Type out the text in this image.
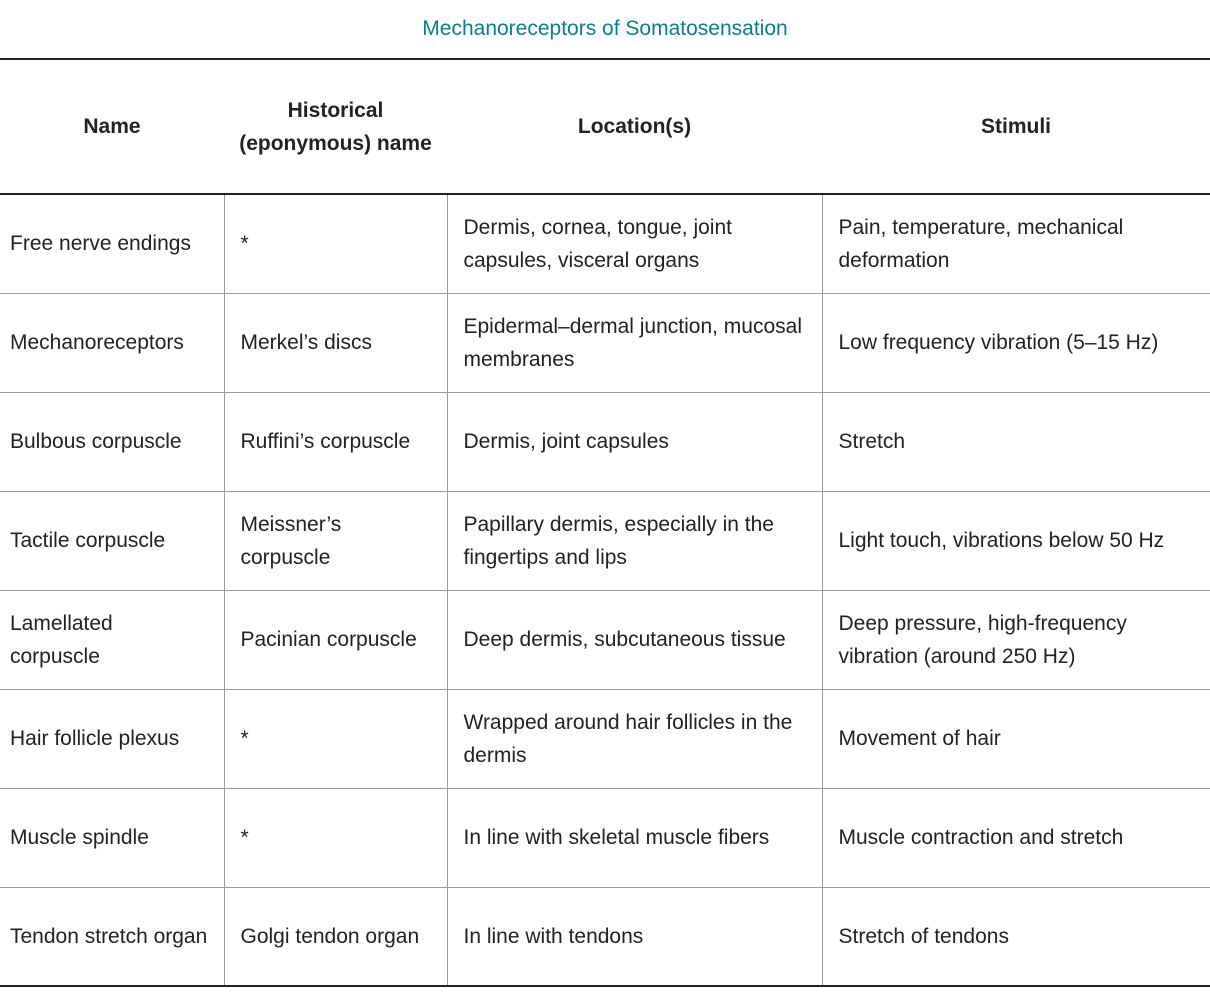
Mechanoreceptors of Somatosensation
Name	Historical (eponymous) name	Location(s)	Stimuli
Free nerve endings	*	Dermis, cornea, tongue, joint capsules, visceral organs	Pain, temperature, mechanical deformation
Mechanoreceptors	Merkel’s discs	Epidermal–dermal junction, mucosal membranes	Low frequency vibration (5–15 Hz)
Bulbous corpuscle	Ruffini’s corpuscle	Dermis, joint capsules	Stretch
Tactile corpuscle	Meissner’s corpuscle	Papillary dermis, especially in the fingertips and lips	Light touch, vibrations below 50 Hz
Lamellated corpuscle	Pacinian corpuscle	Deep dermis, subcutaneous tissue	Deep pressure, high-frequency vibration (around 250 Hz)
Hair follicle plexus	*	Wrapped around hair follicles in the dermis	Movement of hair
Muscle spindle	*	In line with skeletal muscle fibers	Muscle contraction and stretch
Tendon stretch organ	Golgi tendon organ	In line with tendons	Stretch of tendons
